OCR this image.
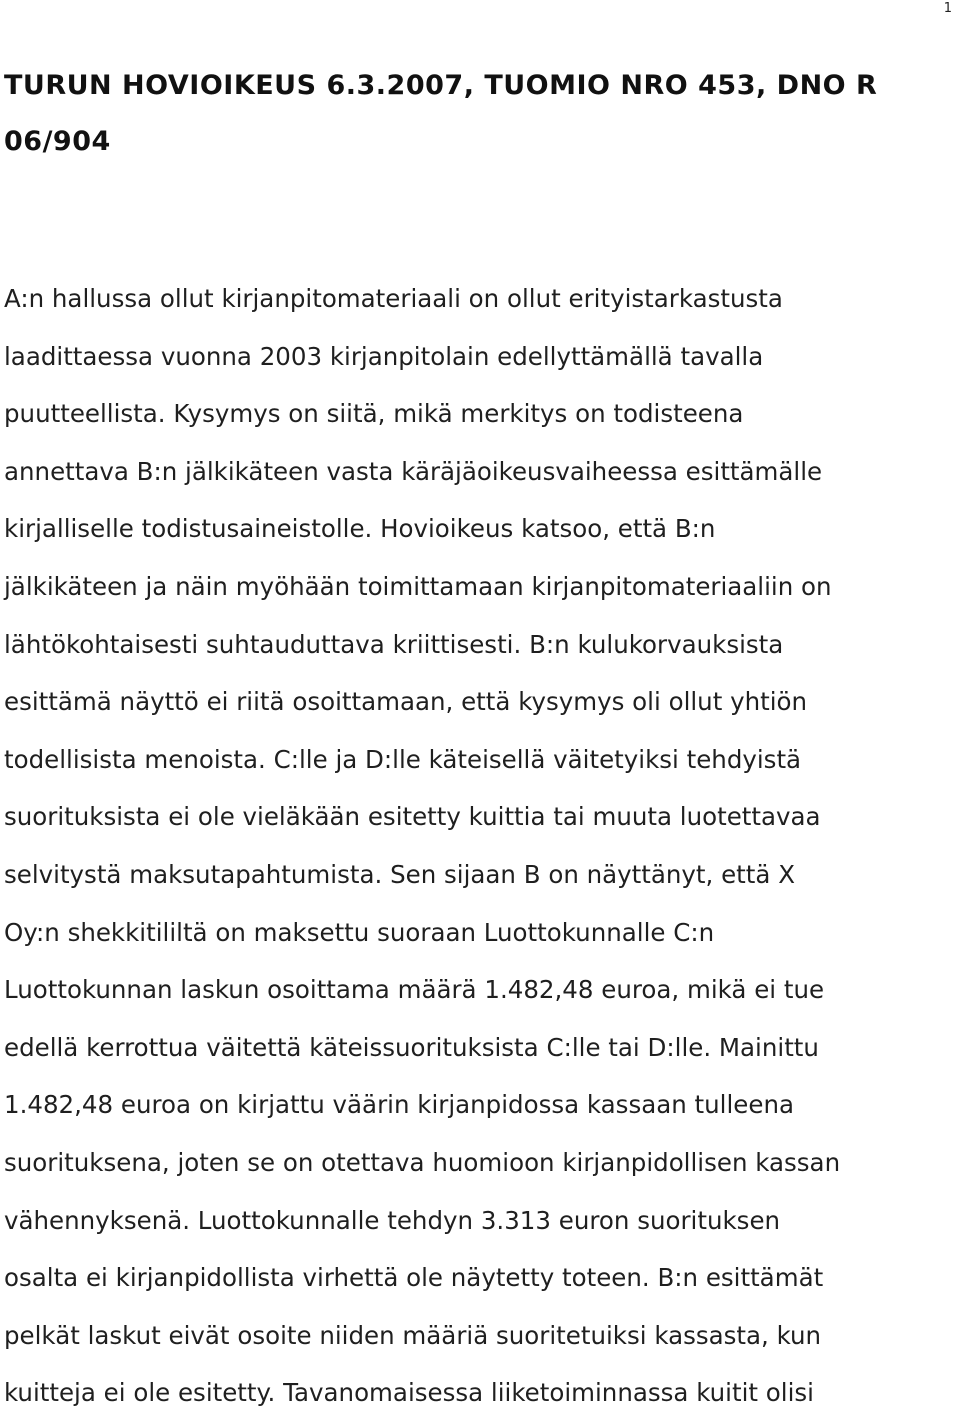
1
TURUN HOVIOIKEUS 6.3.2007, TUOMIO NRO 453, DNO R
06/904
A:n hallussa ollut kirjanpitomateriaali on ollut erityistarkastusta
laadittaessa vuonna 2003 kirjanpitolain edellyttämällä tavalla
puutteellista. Kysymys on siitä, mikä merkitys on todisteena
annettava B:n jälkikäteen vasta käräjäoikeusvaiheessa esittämälle
kirjalliselle todistusaineistolle. Hovioikeus katsoo, että B:n
jälkikäteen ja näin myöhään toimittamaan kirjanpitomateriaaliin on
lähtökohtaisesti suhtauduttava kriittisesti. B:n kulukorvauksista
esittämä näyttö ei riitä osoittamaan, että kysymys oli ollut yhtiön
todellisista menoista. C:lle ja D:lle käteisellä väitetyiksi tehdyistä
suorituksista ei ole vieläkään esitetty kuittia tai muuta luotettavaa
selvitystä maksutapahtumista. Sen sijaan B on näyttänyt, että X
Oy:n shekkitililtä on maksettu suoraan Luottokunnalle C:n
Luottokunnan laskun osoittama määrä 1.482,48 euroa, mikä ei tue
edellä kerrottua väitettä käteissuorituksista C:lle tai D:lle. Mainittu
1.482,48 euroa on kirjattu väärin kirjanpidossa kassaan tulleena
suorituksena, joten se on otettava huomioon kirjanpidollisen kassan
vähennyksenä. Luottokunnalle tehdyn 3.313 euron suorituksen
osalta ei kirjanpidollista virhettä ole näytetty toteen. B:n esittämät
pelkät laskut eivät osoite niiden määriä suoritetuiksi kassasta, kun
kuitteja ei ole esitetty. Tavanomaisessa liiketoiminnassa kuitit olisi
